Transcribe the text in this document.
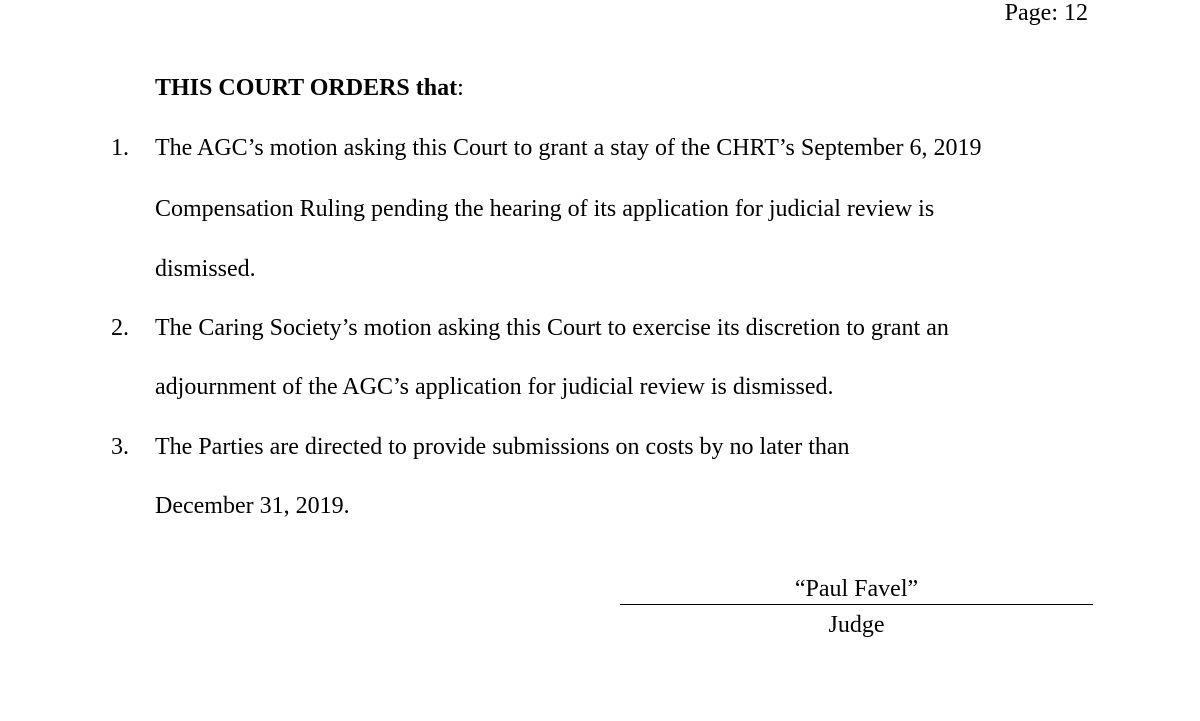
Page: 12
THIS COURT ORDERS that:
1. The AGC’s motion asking this Court to grant a stay of the CHRT’s September 6, 2019
Compensation Ruling pending the hearing of its application for judicial review is
dismissed.
2. The Caring Society’s motion asking this Court to exercise its discretion to grant an
adjournment of the AGC’s application for judicial review is dismissed.
3. The Parties are directed to provide submissions on costs by no later than
December 31, 2019.
“Paul Favel”
Judge
